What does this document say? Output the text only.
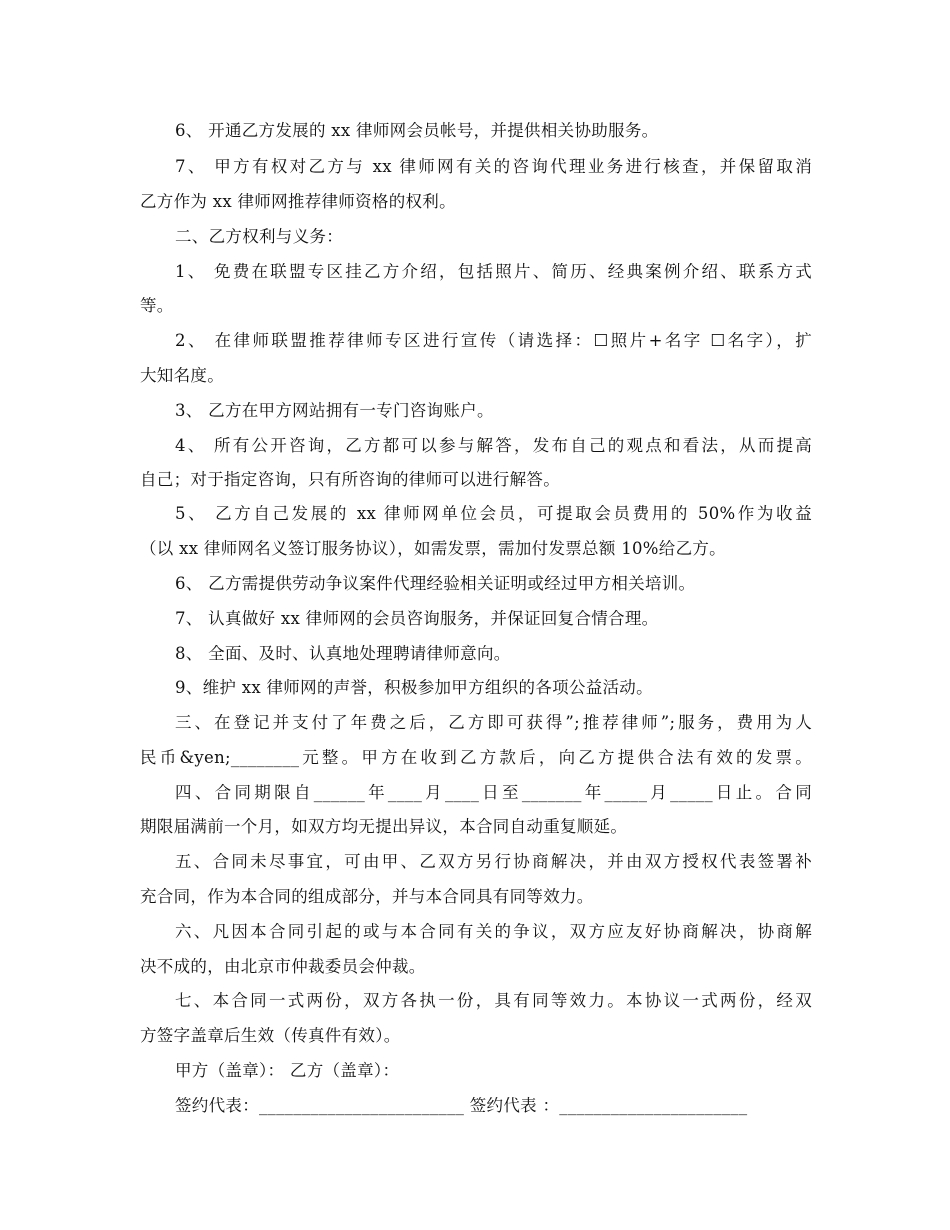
6、 开通乙方发展的 xx 律师网会员帐号，并提供相关协助服务。
7、 甲方有权对乙方与 xx 律师网有关的咨询代理业务进行核查，并保留取消
乙方作为 xx 律师网推荐律师资格的权利。
二、乙方权利与义务：
1、 免费在联盟专区挂乙方介绍，包括照片、简历、经典案例介绍、联系方式
等。
2、 在律师联盟推荐律师专区进行宣传（请选择：☐照片+名字 ☐名字），扩
大知名度。
3、 乙方在甲方网站拥有一专门咨询账户。
4、 所有公开咨询，乙方都可以参与解答，发布自己的观点和看法，从而提高
自己；对于指定咨询，只有所咨询的律师可以进行解答。
5、 乙方自己发展的 xx 律师网单位会员，可提取会员费用的 50%作为收益
（以 xx 律师网名义签订服务协议），如需发票，需加付发票总额 10%给乙方。
6、 乙方需提供劳动争议案件代理经验相关证明或经过甲方相关培训。
7、 认真做好 xx 律师网的会员咨询服务，并保证回复合情合理。
8、 全面、及时、认真地处理聘请律师意向。
9、维护 xx 律师网的声誉，积极参加甲方组织的各项公益活动。
三、在登记并支付了年费之后，乙方即可获得”;推荐律师”;服务，费用为人
民币&yen;________元整。甲方在收到乙方款后，向乙方提供合法有效的发票。
四、合同期限自______年____月____日至_______年_____月_____日止。合同
期限届满前一个月，如双方均无提出异议，本合同自动重复顺延。
五、合同未尽事宜，可由甲、乙双方另行协商解决，并由双方授权代表签署补
充合同，作为本合同的组成部分，并与本合同具有同等效力。
六、凡因本合同引起的或与本合同有关的争议，双方应友好协商解决，协商解
决不成的，由北京市仲裁委员会仲裁。
七、本合同一式两份，双方各执一份，具有同等效力。本协议一式两份，经双
方签字盖章后生效（传真件有效）。
甲方（盖章）： 乙方（盖章）：
签约代表：________________________ 签约代表 ：______________________
